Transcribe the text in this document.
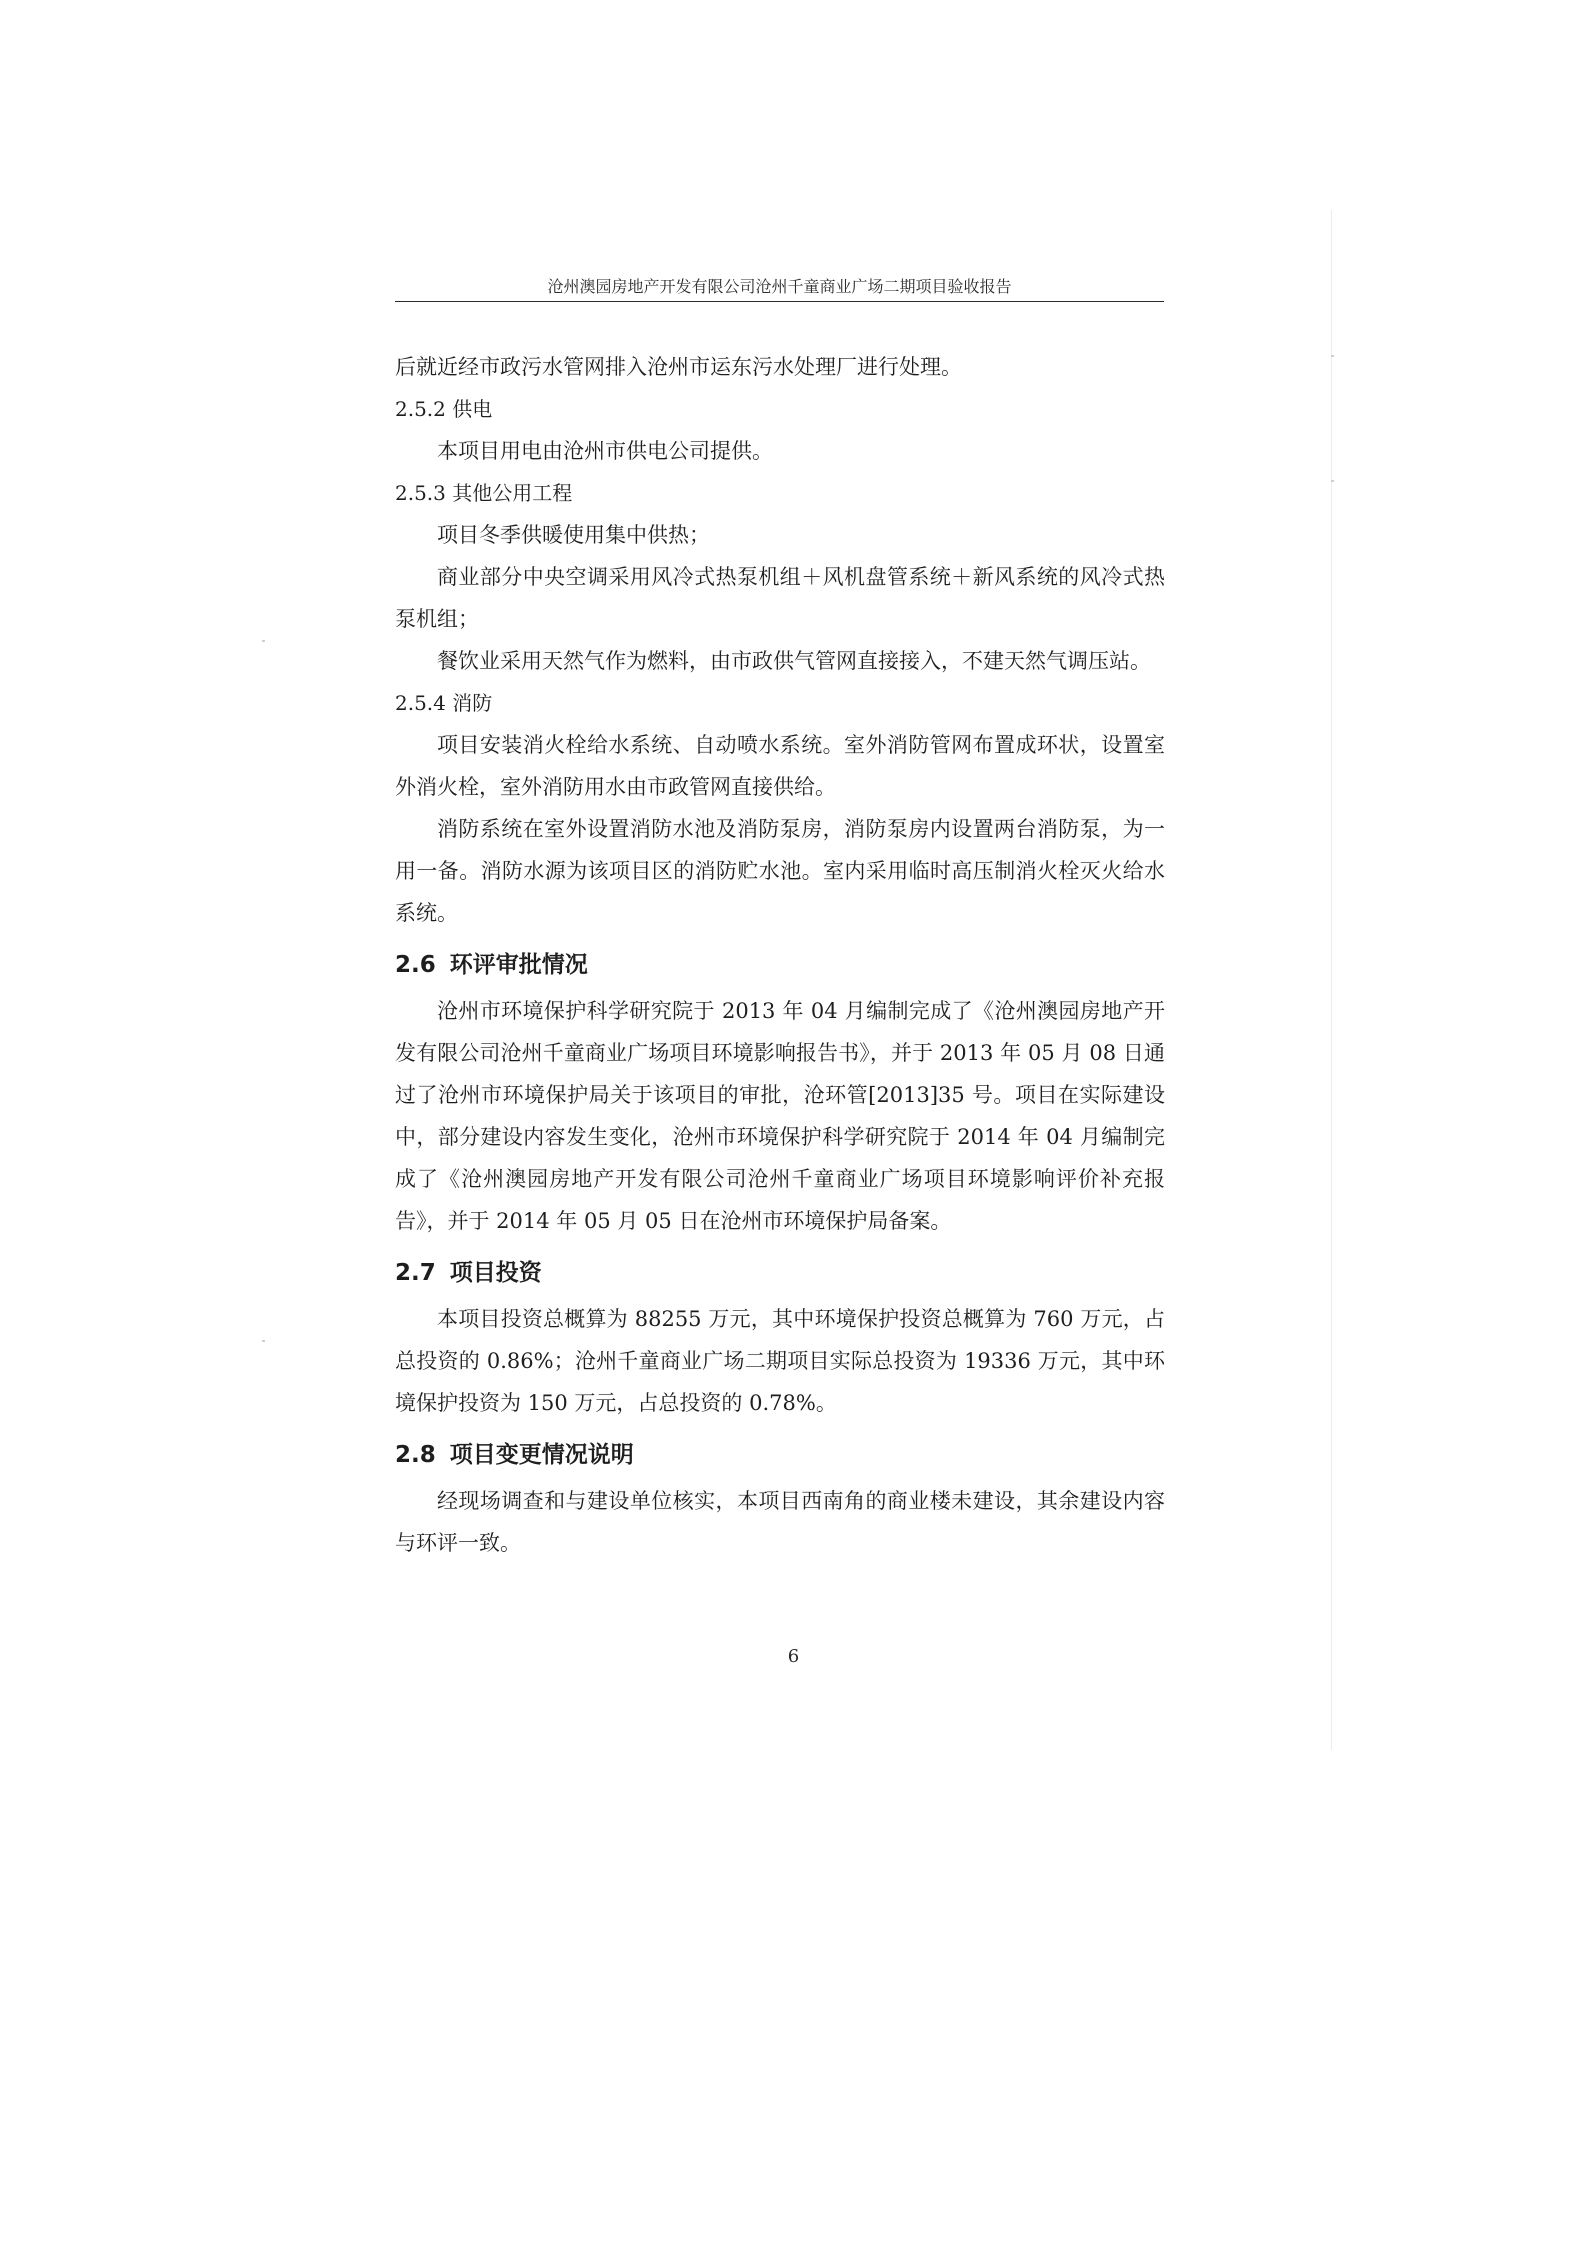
沧州澳园房地产开发有限公司沧州千童商业广场二期项目验收报告

后就近经市政污水管网排入沧州市运东污水处理厂进行处理。

2.5.2 供电

本项目用电由沧州市供电公司提供。

2.5.3 其他公用工程

项目冬季供暖使用集中供热；

商业部分中央空调采用风冷式热泵机组＋风机盘管系统＋新风系统的风冷式热泵机组；

餐饮业采用天然气作为燃料，由市政供气管网直接接入，不建天然气调压站。

2.5.4 消防

项目安装消火栓给水系统、自动喷水系统。室外消防管网布置成环状，设置室外消火栓，室外消防用水由市政管网直接供给。

消防系统在室外设置消防水池及消防泵房，消防泵房内设置两台消防泵，为一用一备。消防水源为该项目区的消防贮水池。室内采用临时高压制消火栓灭火给水系统。

2.6 环评审批情况

沧州市环境保护科学研究院于 2013 年 04 月编制完成了《沧州澳园房地产开发有限公司沧州千童商业广场项目环境影响报告书》，并于 2013 年 05 月 08 日通过了沧州市环境保护局关于该项目的审批，沧环管[2013]35 号。项目在实际建设中，部分建设内容发生变化，沧州市环境保护科学研究院于 2014 年 04 月编制完成了《沧州澳园房地产开发有限公司沧州千童商业广场项目环境影响评价补充报告》，并于 2014 年 05 月 05 日在沧州市环境保护局备案。

2.7 项目投资

本项目投资总概算为 88255 万元，其中环境保护投资总概算为 760 万元，占总投资的 0.86%；沧州千童商业广场二期项目实际总投资为 19336 万元，其中环境保护投资为 150 万元，占总投资的 0.78%。

2.8 项目变更情况说明

经现场调查和与建设单位核实，本项目西南角的商业楼未建设，其余建设内容与环评一致。

6
